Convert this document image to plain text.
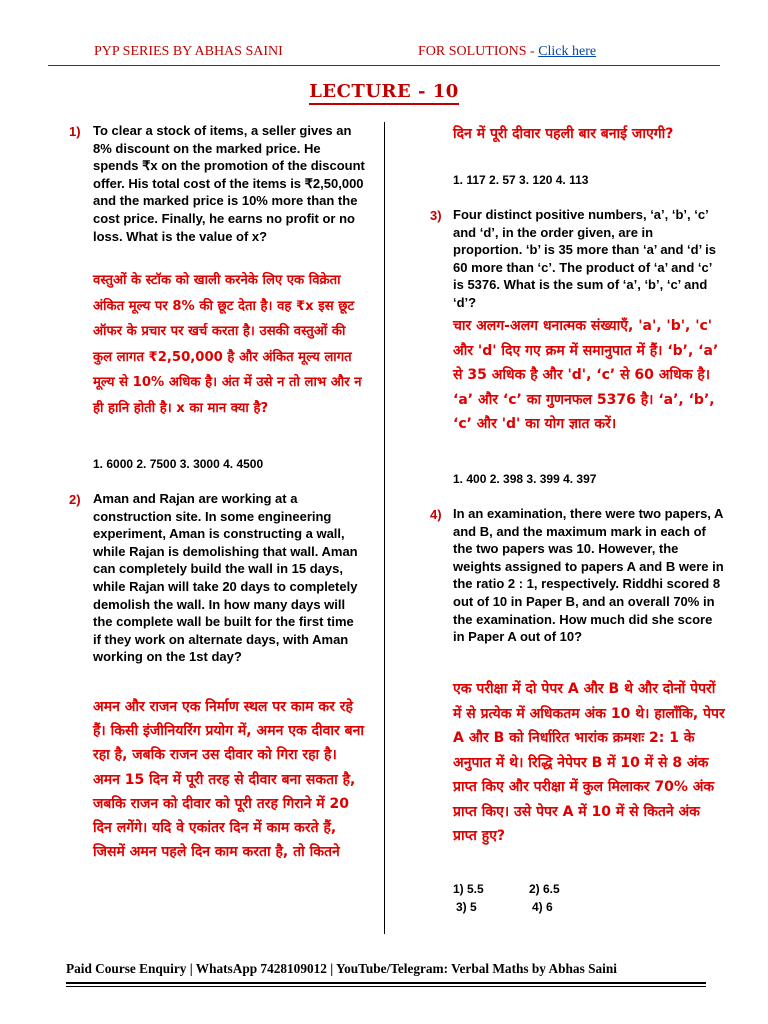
PYP SERIES BY ABHAS SAINI	FOR SOLUTIONS - Click here
LECTURE - 10
1) To clear a stock of items, a seller gives an 8% discount on the marked price. He spends ₹x on the promotion of the discount offer. His total cost of the items is ₹2,50,000 and the marked price is 10% more than the cost price. Finally, he earns no profit or no loss. What is the value of x?

वस्तुओं के स्टॉक को खाली करनेके लिए एक विक्रेता अंकित मूल्य पर 8% की छूट देता है। वह ₹x इस छूट ऑफर के प्रचार पर खर्च करता है। उसकी वस्तुओं की कुल लागत ₹2,50,000 है और अंकित मूल्य लागत मूल्य से 10% अधिक है। अंत में उसे न तो लाभ और न ही हानि होती है। x का मान क्या है?

1. 6000 2. 7500 3. 3000 4. 4500

2) Aman and Rajan are working at a construction site. In some engineering experiment, Aman is constructing a wall, while Rajan is demolishing that wall. Aman can completely build the wall in 15 days, while Rajan will take 20 days to completely demolish the wall. In how many days will the complete wall be built for the first time if they work on alternate days, with Aman working on the 1st day?

अमन और राजन एक निर्माण स्थल पर काम कर रहे हैं। किसी इंजीनियरिंग प्रयोग में, अमन एक दीवार बना रहा है, जबकि राजन उस दीवार को गिरा रहा है। अमन 15 दिन में पूरी तरह से दीवार बना सकता है, जबकि राजन को दीवार को पूरी तरह गिराने में 20 दिन लगेंगे। यदि वे एकांतर दिन में काम करते हैं, जिसमें अमन पहले दिन काम करता है, तो कितने

दिन में पूरी दीवार पहली बार बनाई जाएगी?

1. 117 2. 57 3. 120 4. 113

3) Four distinct positive numbers, ‘a’, ‘b’, ‘c’ and ‘d’, in the order given, are in proportion. ‘b’ is 35 more than ‘a’ and ‘d’ is 60 more than ‘c’. The product of ‘a’ and ‘c’ is 5376. What is the sum of ‘a’, ‘b’, ‘c’ and ‘d’?

चार अलग-अलग धनात्मक संख्याएँ, 'a', 'b', 'c' और 'd' दिए गए क्रम में समानुपात में हैं। ‘b’, ‘a’ से 35 अधिक है और 'd', ‘c’ से 60 अधिक है। ‘a’ और ‘c’ का गुणनफल 5376 है। ‘a’, ‘b’, ‘c’ और 'd' का योग ज्ञात करें।

1. 400 2. 398 3. 399 4. 397

4) In an examination, there were two papers, A and B, and the maximum mark in each of the two papers was 10. However, the weights assigned to papers A and B were in the ratio 2 : 1, respectively. Riddhi scored 8 out of 10 in Paper B, and an overall 70% in the examination. How much did she score in Paper A out of 10?

एक परीक्षा में दो पेपर A और B थे और दोनों पेपरों में से प्रत्येक में अधिकतम अंक 10 थे। हालाँकि, पेपर A और B को निर्धारित भारांक क्रमशः 2: 1 के अनुपात में थे। रिद्धि नेपेपर B में 10 में से 8 अंक प्राप्त किए और परीक्षा में कुल मिलाकर 70% अंक प्राप्त किए। उसे पेपर A में 10 में से कितने अंक प्राप्त हुए?

1) 5.5	2) 6.5
3) 5	4) 6
Paid Course Enquiry | WhatsApp 7428109012 | YouTube/Telegram: Verbal Maths by Abhas Saini
